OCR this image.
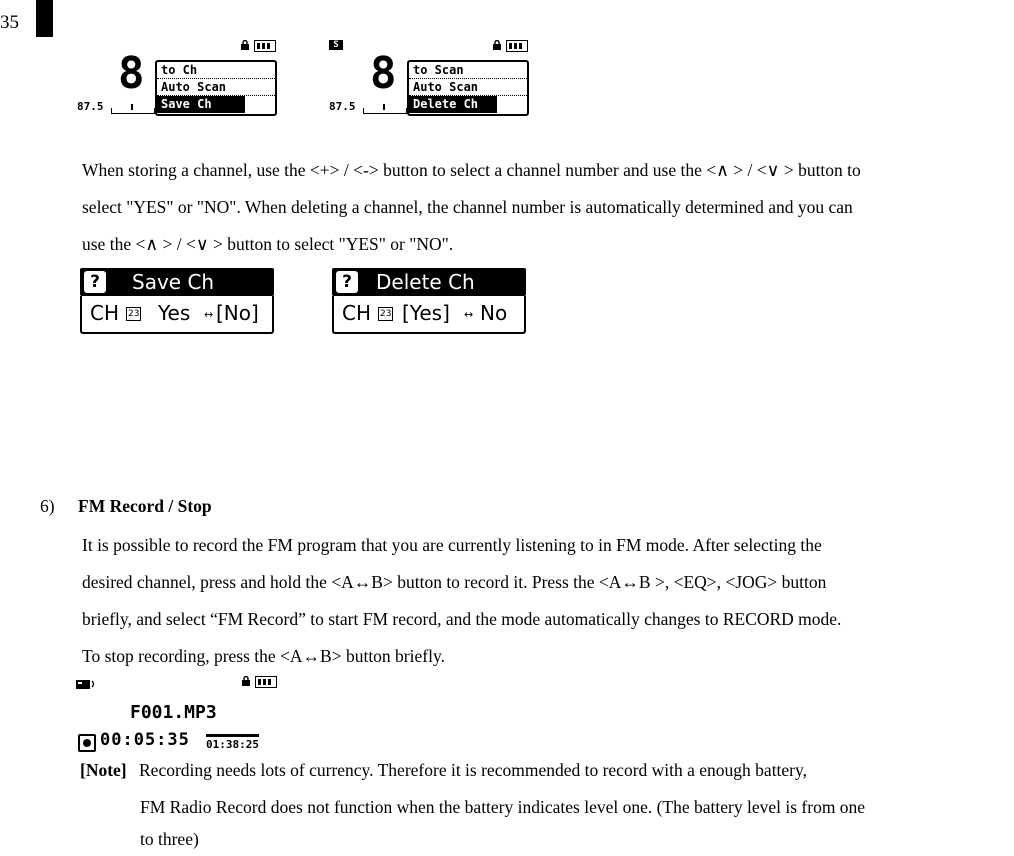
35
8
87.5
to Ch
Auto Scan
Save Ch
S
8
87.5
to Scan
Auto Scan
Delete Ch
When storing a channel, use the <+> / <-> button to select a channel number and use the <∧ > / <∨ > button to
select "YES" or "NO". When deleting a channel, the channel number is automatically determined and you can
use the <∧ > / <∨ > button to select "YES" or "NO".
?	Save Ch
CH 23 Yes ↔ [No]
?	Delete Ch
CH 23 [Yes] ↔ No
6) FM Record / Stop
It is possible to record the FM program that you are currently listening to in FM mode. After selecting the
desired channel, press and hold the <A↔B> button to record it. Press the <A↔B >, <EQ>, <JOG> button
briefly, and select “FM Record” to start FM record, and the mode automatically changes to RECORD mode.
To stop recording, press the <A↔B> button briefly.
F001.MP3
00:05:35 01:38:25
[Note] Recording needs lots of currency. Therefore it is recommended to record with a enough battery,
FM Radio Record does not function when the battery indicates level one. (The battery level is from one
to three)
